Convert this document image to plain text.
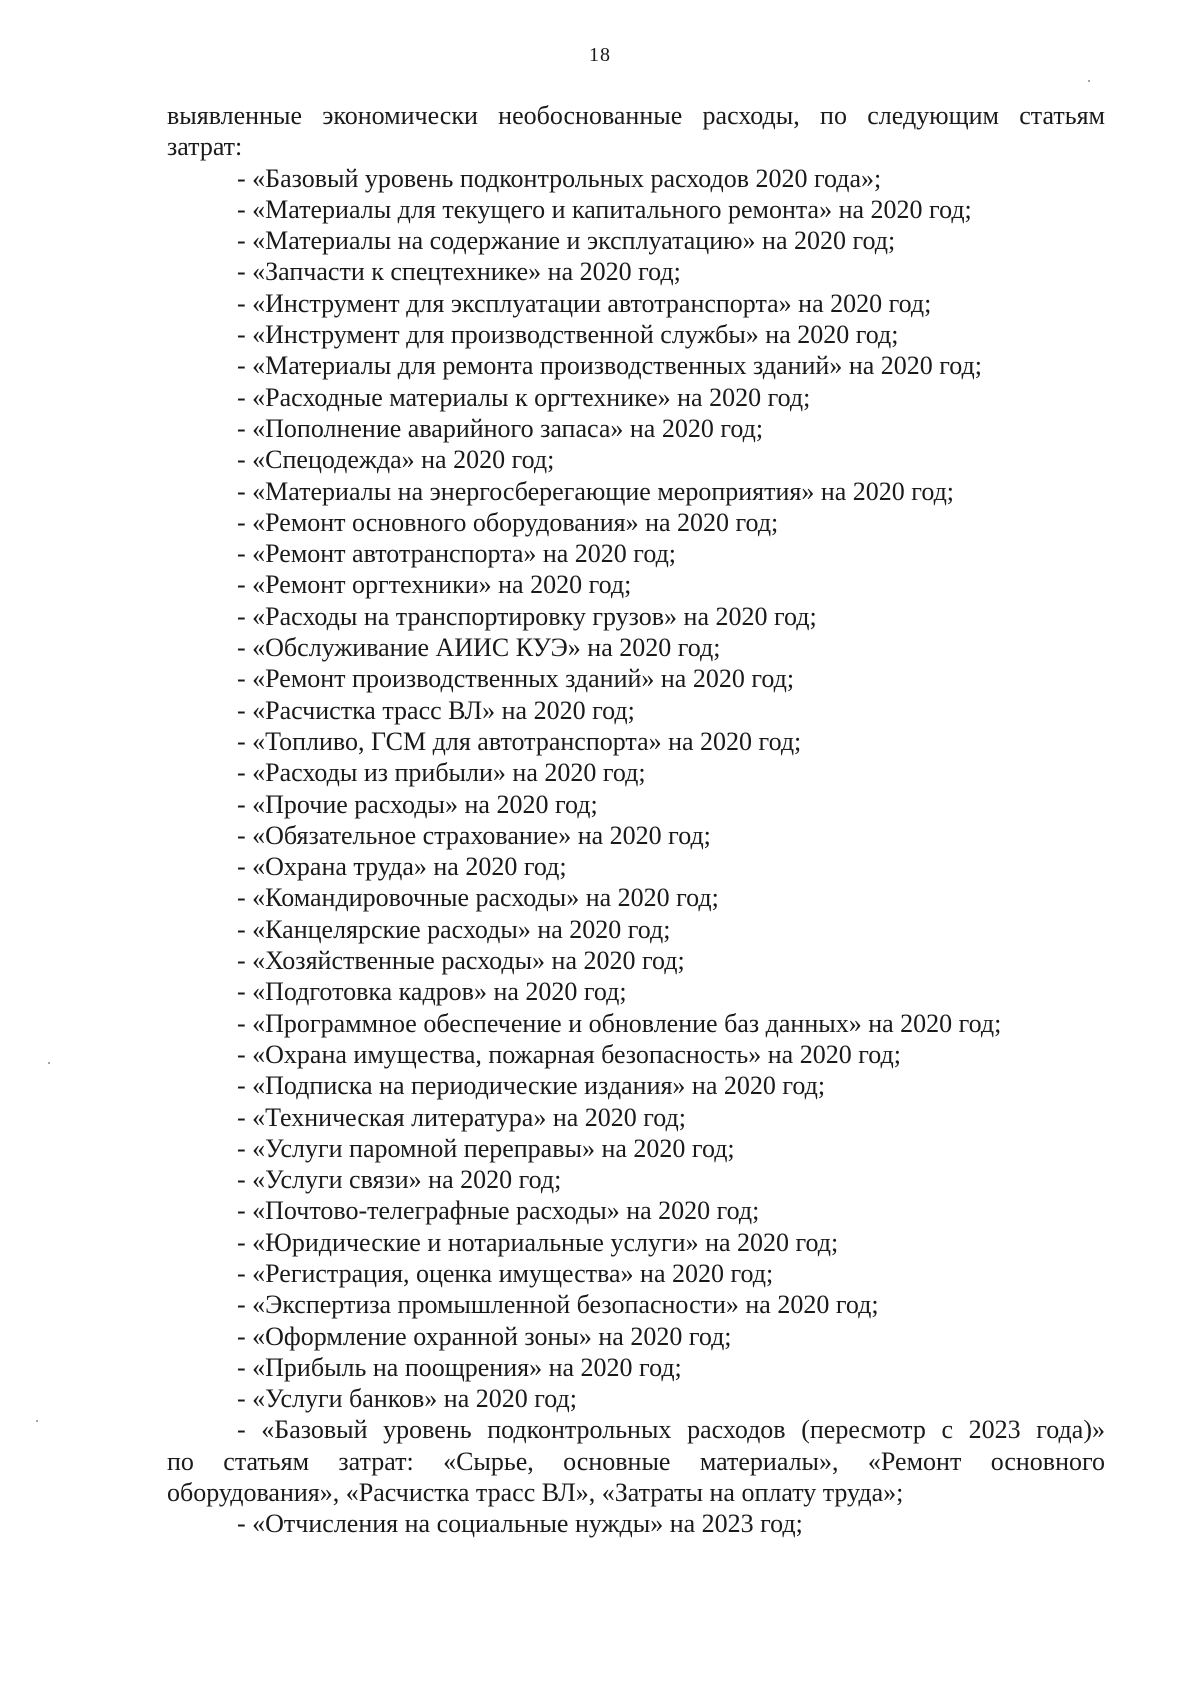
18

выявленные экономически необоснованные расходы, по следующим статьям
затрат:

- «Базовый уровень подконтрольных расходов 2020 года»;
- «Материалы для текущего и капитального ремонта» на 2020 год;
- «Материалы на содержание и эксплуатацию» на 2020 год;
- «Запчасти к спецтехнике» на 2020 год;
- «Инструмент для эксплуатации автотранспорта» на 2020 год;
- «Инструмент для производственной службы» на 2020 год;
- «Материалы для ремонта производственных зданий» на 2020 год;
- «Расходные материалы к оргтехнике» на 2020 год;
- «Пополнение аварийного запаса» на 2020 год;
- «Спецодежда» на 2020 год;
- «Материалы на энергосберегающие мероприятия» на 2020 год;
- «Ремонт основного оборудования» на 2020 год;
- «Ремонт автотранспорта» на 2020 год;
- «Ремонт оргтехники» на 2020 год;
- «Расходы на транспортировку грузов» на 2020 год;
- «Обслуживание АИИС КУЭ» на 2020 год;
- «Ремонт производственных зданий» на 2020 год;
- «Расчистка трасс ВЛ» на 2020 год;
- «Топливо, ГСМ для автотранспорта» на 2020 год;
- «Расходы из прибыли» на 2020 год;
- «Прочие расходы» на 2020 год;
- «Обязательное страхование» на 2020 год;
- «Охрана труда» на 2020 год;
- «Командировочные расходы» на 2020 год;
- «Канцелярские расходы» на 2020 год;
- «Хозяйственные расходы» на 2020 год;
- «Подготовка кадров» на 2020 год;
- «Программное обеспечение и обновление баз данных» на 2020 год;
- «Охрана имущества, пожарная безопасность» на 2020 год;
- «Подписка на периодические издания» на 2020 год;
- «Техническая литература» на 2020 год;
- «Услуги паромной переправы» на 2020 год;
- «Услуги связи» на 2020 год;
- «Почтово-телеграфные расходы» на 2020 год;
- «Юридические и нотариальные услуги» на 2020 год;
- «Регистрация, оценка имущества» на 2020 год;
- «Экспертиза промышленной безопасности» на 2020 год;
- «Оформление охранной зоны» на 2020 год;
- «Прибыль на поощрения» на 2020 год;
- «Услуги банков» на 2020 год;

- «Базовый уровень подконтрольных расходов (пересмотр с 2023 года)»
по статьям затрат: «Сырье, основные материалы», «Ремонт основного
оборудования», «Расчистка трасс ВЛ», «Затраты на оплату труда»;

- «Отчисления на социальные нужды» на 2023 год;
